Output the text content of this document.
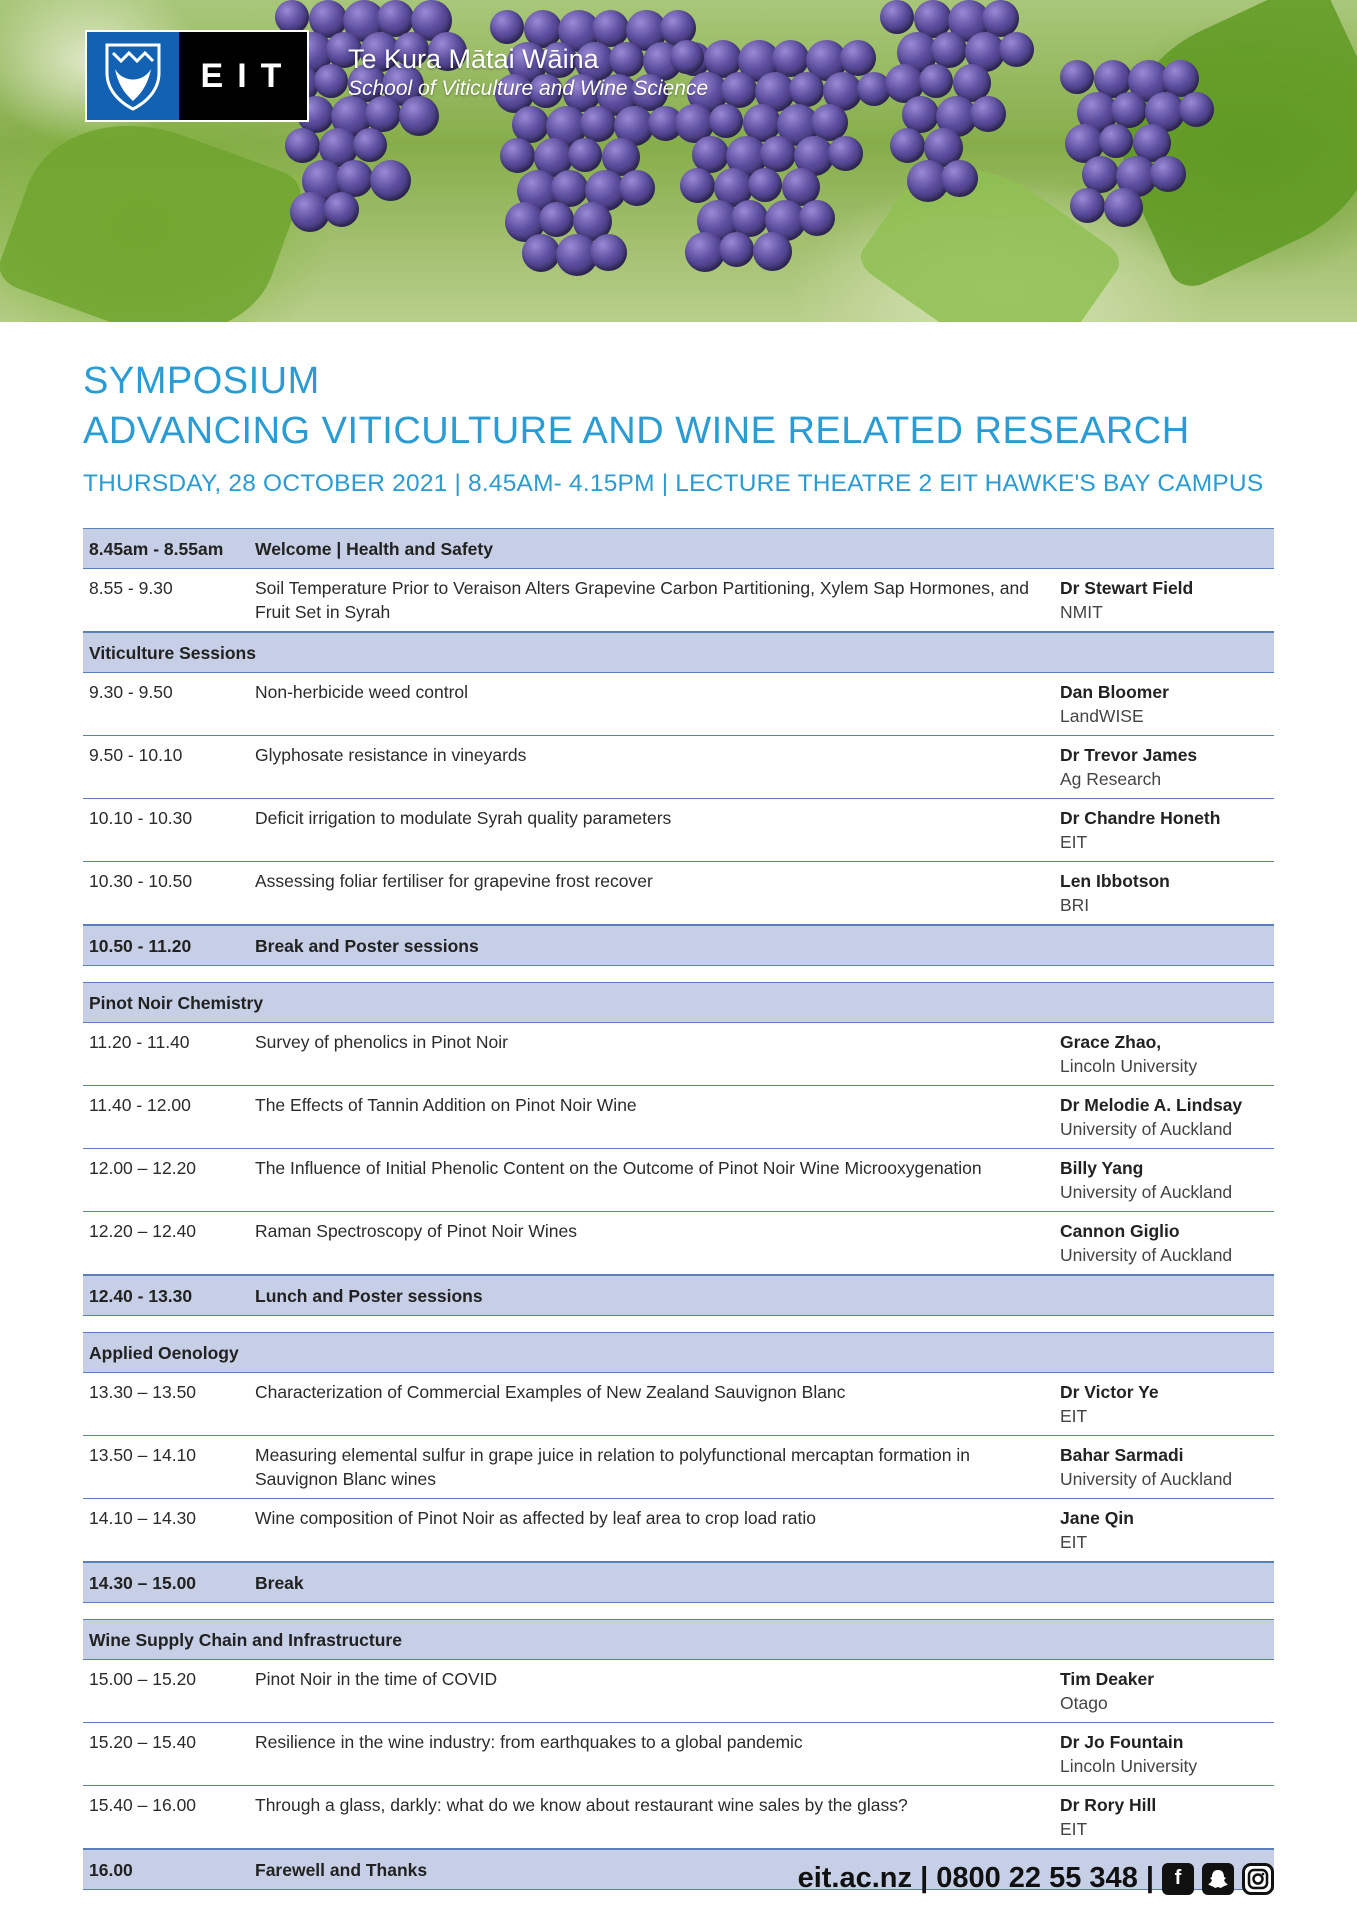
EIT	Te Kura Mātai Wāina
School of Viticulture and Wine Science
SYMPOSIUM
ADVANCING VITICULTURE AND WINE RELATED RESEARCH
THURSDAY, 28 OCTOBER 2021 | 8.45AM- 4.15PM | LECTURE THEATRE 2 EIT HAWKE'S BAY CAMPUS
8.45am - 8.55am	Welcome | Health and Safety
8.55 - 9.30	Soil Temperature Prior to Veraison Alters Grapevine Carbon Partitioning, Xylem Sap Hormones, and Fruit Set in Syrah
Dr Stewart Field
NMIT
Viticulture Sessions
9.30 - 9.50	Non-herbicide weed control	Dan Bloomer
LandWISE
9.50 - 10.10	Glyphosate resistance in vineyards	Dr Trevor James
Ag Research
10.10 - 10.30	Deficit irrigation to modulate Syrah quality parameters	Dr Chandre Honeth
EIT
10.30 - 10.50	Assessing foliar fertiliser for grapevine frost recover	Len Ibbotson
BRI
10.50 - 11.20	Break and Poster sessions
Pinot Noir Chemistry
11.20 - 11.40	Survey of phenolics in Pinot Noir	Grace Zhao,
Lincoln University
11.40 - 12.00	The Effects of Tannin Addition on Pinot Noir Wine	Dr Melodie A. Lindsay
University of Auckland
12.00 – 12.20	The Influence of Initial Phenolic Content on the Outcome of Pinot Noir Wine Microoxygenation	Billy Yang
University of Auckland
12.20 – 12.40	Raman Spectroscopy of Pinot Noir Wines	Cannon Giglio
University of Auckland
12.40 - 13.30	Lunch and Poster sessions
Applied Oenology
13.30 – 13.50	Characterization of Commercial Examples of New Zealand Sauvignon Blanc	Dr Victor Ye
EIT
13.50 – 14.10	Measuring elemental sulfur in grape juice in relation to polyfunctional mercaptan formation in Sauvignon Blanc wines
Bahar Sarmadi
University of Auckland
14.10 – 14.30	Wine composition of Pinot Noir as affected by leaf area to crop load ratio	Jane Qin
EIT
14.30 – 15.00	Break
Wine Supply Chain and Infrastructure
15.00 – 15.20	Pinot Noir in the time of COVID	Tim Deaker
Otago
15.20 – 15.40	Resilience in the wine industry: from earthquakes to a global pandemic	Dr Jo Fountain
Lincoln University
15.40 – 16.00	Through a glass, darkly: what do we know about restaurant wine sales by the glass?	Dr Rory Hill
EIT
16.00	Farewell and Thanks	eit.ac.nz | 0800 22 55 348 |	f
